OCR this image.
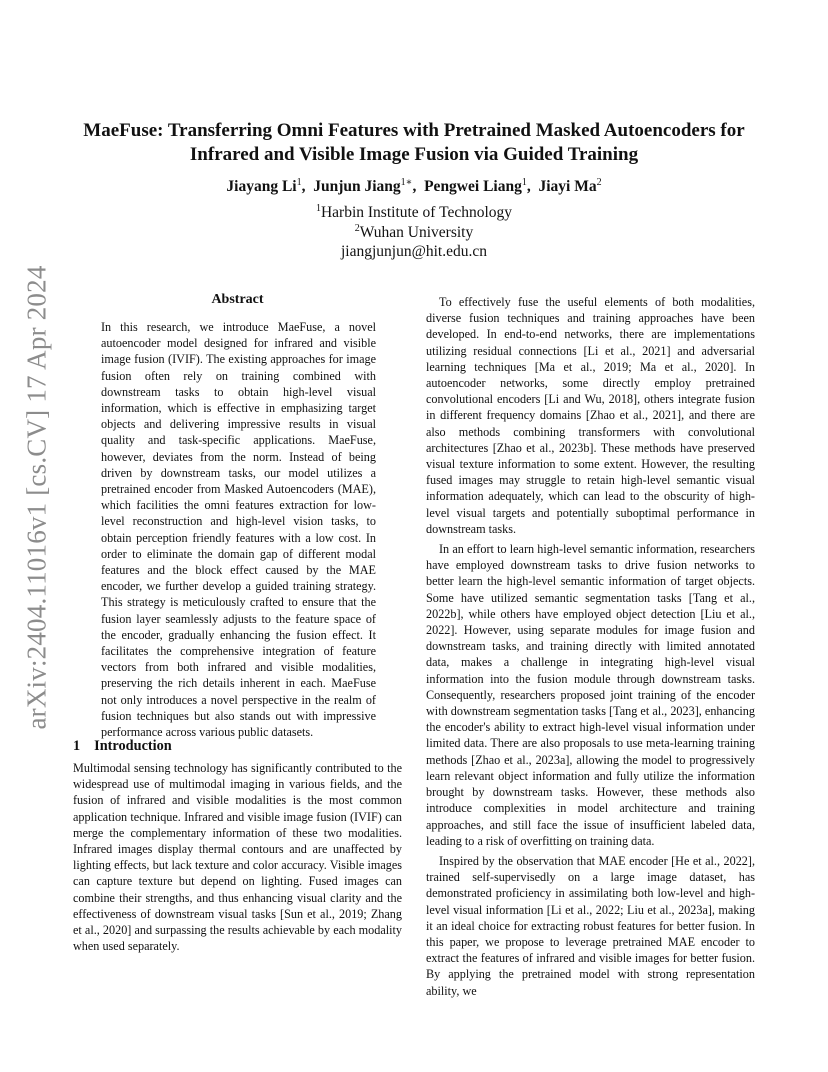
arXiv:2404.11016v1 [cs.CV] 17 Apr 2024
MaeFuse: Transferring Omni Features with Pretrained Masked Autoencoders for Infrared and Visible Image Fusion via Guided Training
Jiayang Li$^1$,  Junjun Jiang$^{1∗}$,  Pengwei Liang$^1$,  Jiayi Ma$^2$
$^1$Harbin Institute of Technology
$^2$Wuhan University
jiangjunjun@hit.edu.cn
Abstract
In this research, we introduce MaeFuse, a novel autoencoder model designed for infrared and visible image fusion (IVIF). The existing approaches for image fusion often rely on training combined with downstream tasks to obtain high-level visual information, which is effective in emphasizing target objects and delivering impressive results in visual quality and task-specific applications. MaeFuse, however, deviates from the norm. Instead of being driven by downstream tasks, our model utilizes a pretrained encoder from Masked Autoencoders (MAE), which facilities the omni features extraction for low-level reconstruction and high-level vision tasks, to obtain perception friendly features with a low cost. In order to eliminate the domain gap of different modal features and the block effect caused by the MAE encoder, we further develop a guided training strategy. This strategy is meticulously crafted to ensure that the fusion layer seamlessly adjusts to the feature space of the encoder, gradually enhancing the fusion effect. It facilitates the comprehensive integration of feature vectors from both infrared and visible modalities, preserving the rich details inherent in each. MaeFuse not only introduces a novel perspective in the realm of fusion techniques but also stands out with impressive performance across various public datasets.
1 Introduction

Multimodal sensing technology has significantly contributed to the widespread use of multimodal imaging in various fields, and the fusion of infrared and visible modalities is the most common application technique. Infrared and visible image fusion (IVIF) can merge the complementary information of these two modalities. Infrared images display thermal contours and are unaffected by lighting effects, but lack texture and color accuracy. Visible images can capture texture but depend on lighting. Fused images can combine their strengths, and thus enhancing visual clarity and the effectiveness of downstream visual tasks [Sun et al., 2019; Zhang et al., 2020] and surpassing the results achievable by each modality when used separately.

To effectively fuse the useful elements of both modalities, diverse fusion techniques and training approaches have been developed. In end-to-end networks, there are implementations utilizing residual connections [Li et al., 2021] and adversarial learning techniques [Ma et al., 2019; Ma et al., 2020]. In autoencoder networks, some directly employ pretrained convolutional encoders [Li and Wu, 2018], others integrate fusion in different frequency domains [Zhao et al., 2021], and there are also methods combining transformers with convolutional architectures [Zhao et al., 2023b]. These methods have preserved visual texture information to some extent. However, the resulting fused images may struggle to retain high-level semantic visual information adequately, which can lead to the obscurity of high-level visual targets and potentially suboptimal performance in downstream tasks.

In an effort to learn high-level semantic information, researchers have employed downstream tasks to drive fusion networks to better learn the high-level semantic information of target objects. Some have utilized semantic segmentation tasks [Tang et al., 2022b], while others have employed object detection [Liu et al., 2022]. However, using separate modules for image fusion and downstream tasks, and training directly with limited annotated data, makes a challenge in integrating high-level visual information into the fusion module through downstream tasks. Consequently, researchers proposed joint training of the encoder with downstream segmentation tasks [Tang et al., 2023], enhancing the encoder's ability to extract high-level visual information under limited data. There are also proposals to use meta-learning training methods [Zhao et al., 2023a], allowing the model to progressively learn relevant object information and fully utilize the information brought by downstream tasks. However, these methods also introduce complexities in model architecture and training approaches, and still face the issue of insufficient labeled data, leading to a risk of overfitting on training data.

Inspired by the observation that MAE encoder [He et al., 2022], trained self-supervisedly on a large image dataset, has demonstrated proficiency in assimilating both low-level and high-level visual information [Li et al., 2022; Liu et al., 2023a], making it an ideal choice for extracting robust features for better fusion. In this paper, we propose to leverage pretrained MAE encoder to extract the features of infrared and visible images for better fusion. By applying the pretrained model with strong representation ability, we
